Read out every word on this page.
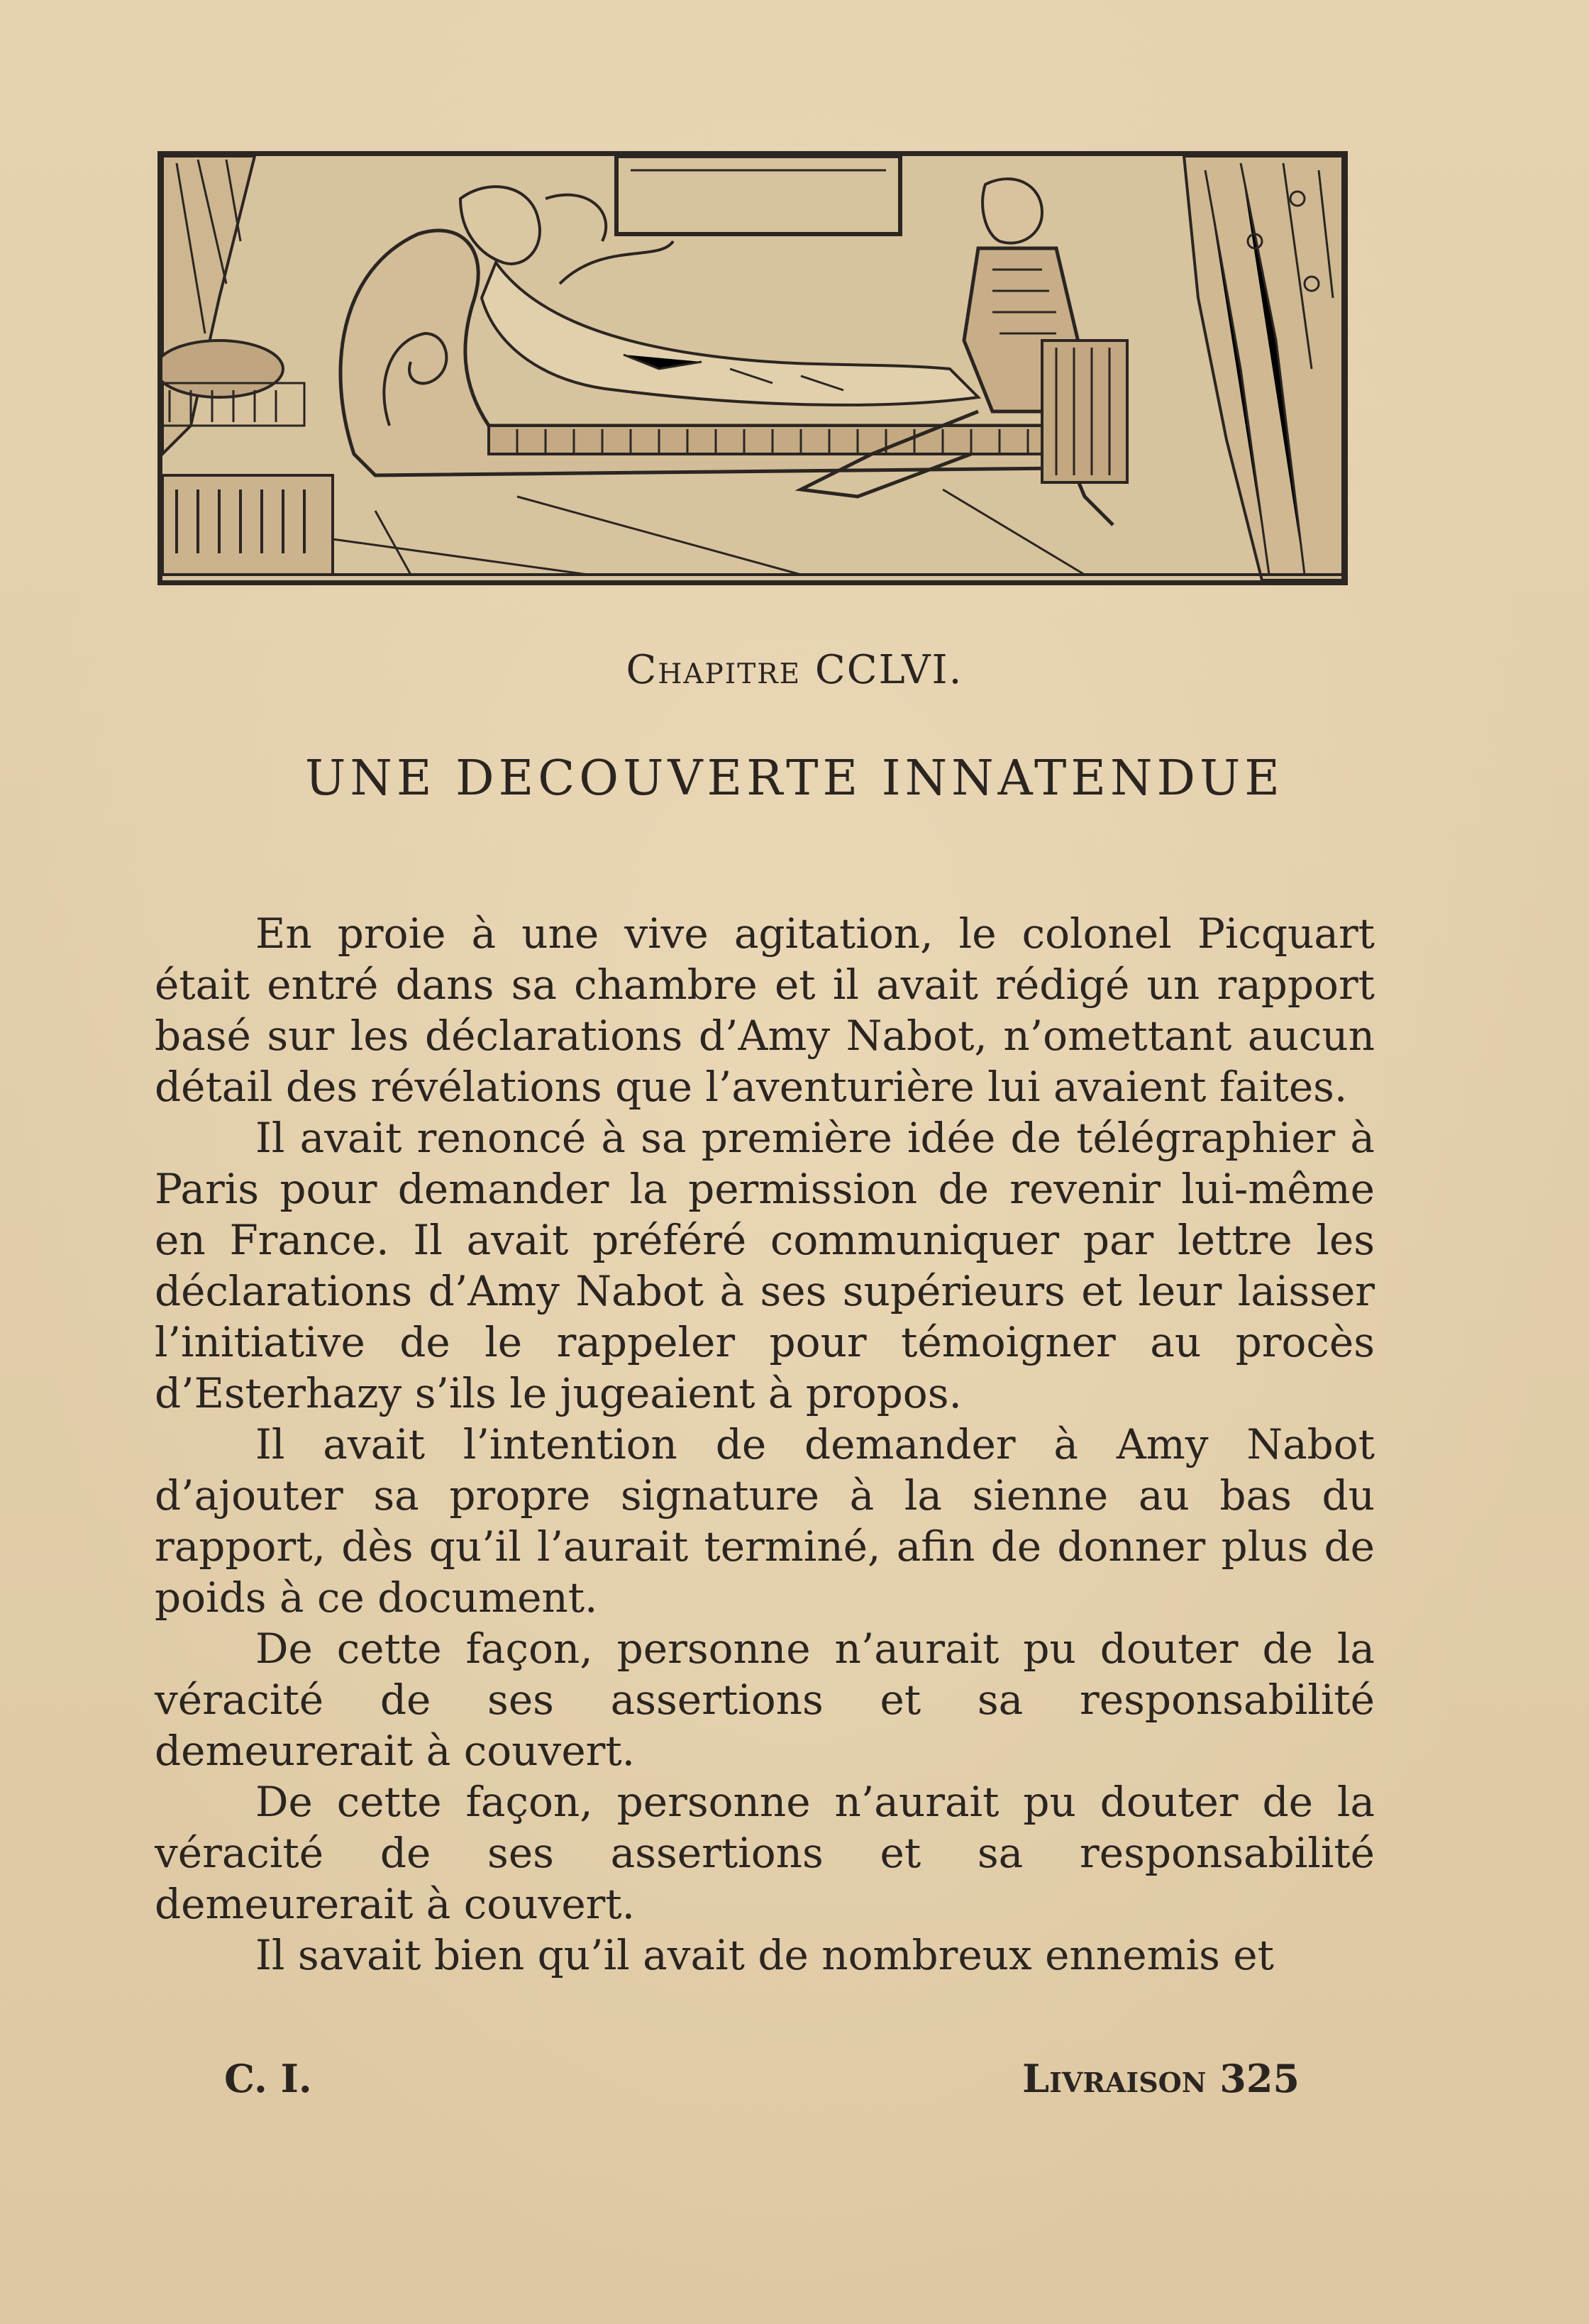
Chapitre CCLVI.
UNE DECOUVERTE INNATENDUE

En proie à une vive agitation, le colonel Picquart était entré dans sa chambre et il avait rédigé un rapport basé sur les déclarations d’Amy Nabot, n’omettant aucun détail des révélations que l’aventurière lui avaient faites.

Il avait renoncé à sa première idée de télégraphier à Paris pour demander la permission de revenir lui-même en France. Il avait préféré communiquer par lettre les déclarations d’Amy Nabot à ses supérieurs et leur laisser l’initiative de le rappeler pour témoigner au procès d’Esterhazy s’ils le jugeaient à propos.

Il avait l’intention de demander à Amy Nabot d’ajouter sa propre signature à la sienne au bas du rapport, dès qu’il l’aurait terminé, afin de donner plus de poids à ce document.

De cette façon, personne n’aurait pu douter de la véracité de ses assertions et sa responsabilité demeurerait à couvert.

De cette façon, personne n’aurait pu douter de la véracité de ses assertions et sa responsabilité demeurerait à couvert.

Il savait bien qu’il avait de nombreux ennemis et

C. I.	Livraison 325
